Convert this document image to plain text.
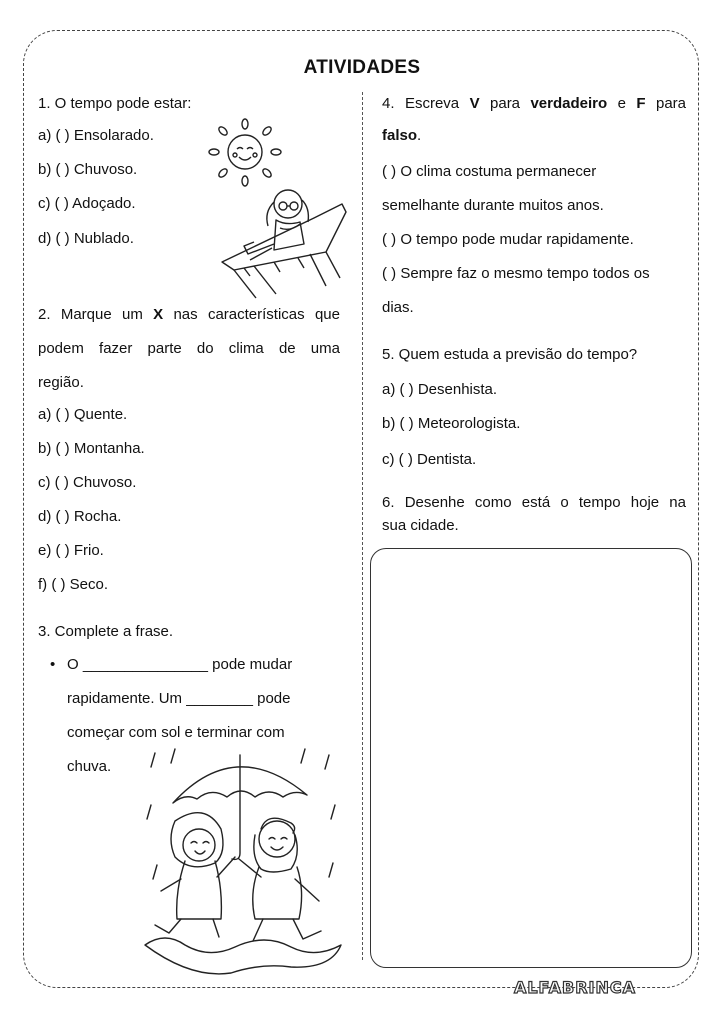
ATIVIDADES
1. O tempo pode estar:
a) ( ) Ensolarado.
b) ( ) Chuvoso.
c) ( ) Adoçado.
d) ( ) Nublado.
2. Marque um X nas características que
podem fazer parte do clima de uma
região.
a) ( ) Quente.
b) ( ) Montanha.
c) ( ) Chuvoso.
d) ( ) Rocha.
e) ( ) Frio.
f) ( ) Seco.
3. Complete a frase.
• O _______________ pode mudar
rapidamente. Um ________ pode
começar com sol e terminar com
chuva.
4. Escreva V para verdadeiro e F para
falso.
( ) O clima costuma permanecer
semelhante durante muitos anos.
( ) O tempo pode mudar rapidamente.
( ) Sempre faz o mesmo tempo todos os
dias.
5. Quem estuda a previsão do tempo?
a) ( ) Desenhista.
b) ( ) Meteorologista.
c) ( ) Dentista.
6. Desenhe como está o tempo hoje na
sua cidade.
ALFABRINCA
